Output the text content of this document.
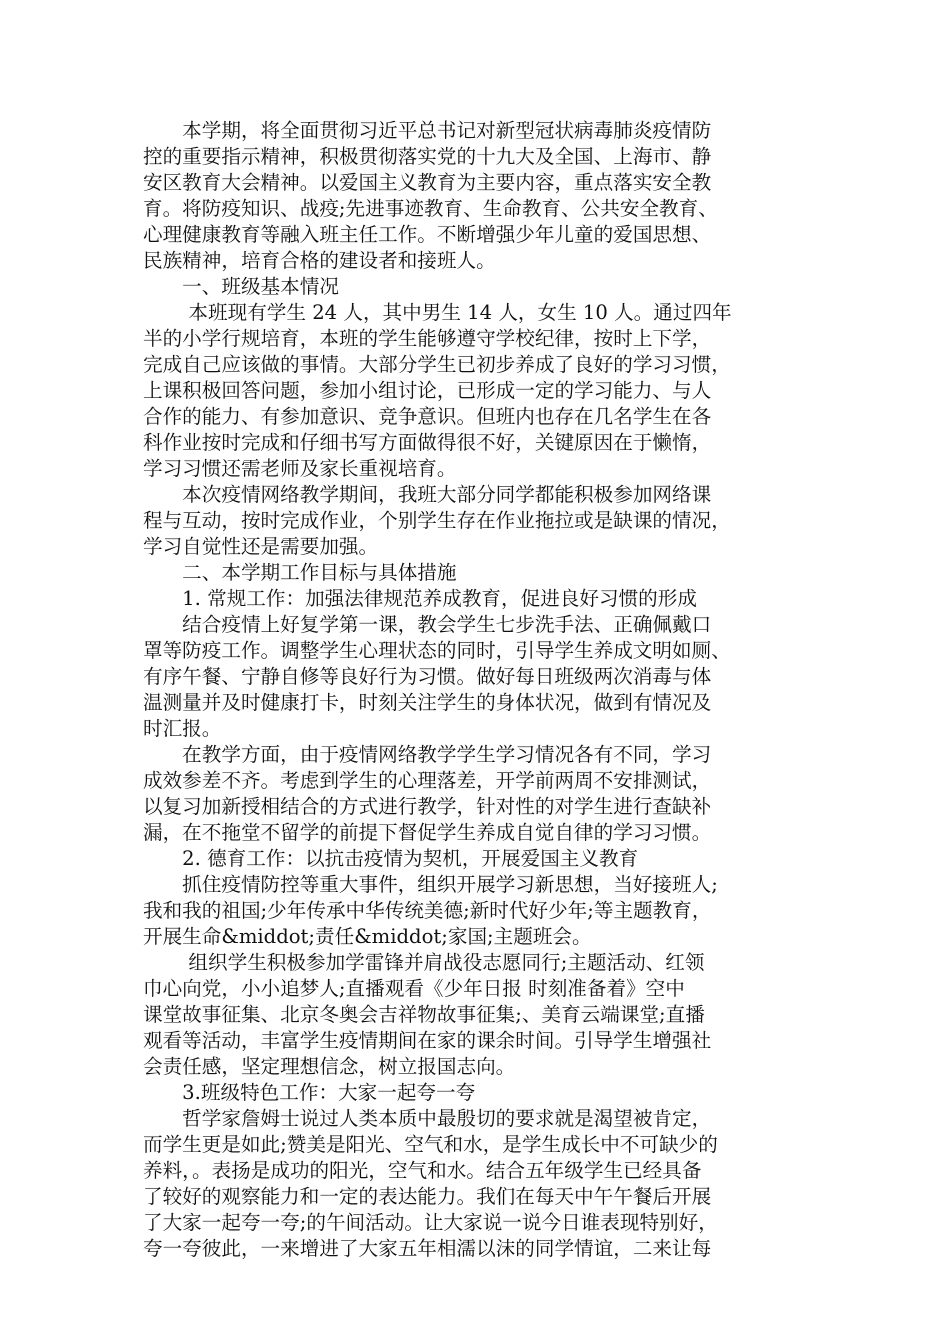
　　本学期，将全面贯彻习近平总书记对新型冠状病毒肺炎疫情防
控的重要指示精神，积极贯彻落实党的十九大及全国、上海市、静
安区教育大会精神。以爱国主义教育为主要内容，重点落实安全教
育。将防疫知识、战疫;先进事迹教育、生命教育、公共安全教育、
心理健康教育等融入班主任工作。不断增强少年儿童的爱国思想、
民族精神，培育合格的建设者和接班人。
　　一、班级基本情况
　　 本班现有学生 24 人，其中男生 14 人，女生 10 人。通过四年
半的小学行规培育，本班的学生能够遵守学校纪律，按时上下学，
完成自己应该做的事情。大部分学生已初步养成了良好的学习习惯，
上课积极回答问题，参加小组讨论，已形成一定的学习能力、与人
合作的能力、有参加意识、竞争意识。但班内也存在几名学生在各
科作业按时完成和仔细书写方面做得很不好，关键原因在于懒惰，
学习习惯还需老师及家长重视培育。
　　本次疫情网络教学期间，我班大部分同学都能积极参加网络课
程与互动，按时完成作业，个别学生存在作业拖拉或是缺课的情况，
学习自觉性还是需要加强。
　　二、本学期工作目标与具体措施
　　1. 常规工作：加强法律规范养成教育，促进良好习惯的形成
　　结合疫情上好复学第一课，教会学生七步洗手法、正确佩戴口
罩等防疫工作。调整学生心理状态的同时，引导学生养成文明如厕、
有序午餐、宁静自修等良好行为习惯。做好每日班级两次消毒与体
温测量并及时健康打卡，时刻关注学生的身体状况，做到有情况及
时汇报。
　　在教学方面，由于疫情网络教学学生学习情况各有不同，学习
成效参差不齐。考虑到学生的心理落差，开学前两周不安排测试，
以复习加新授相结合的方式进行教学，针对性的对学生进行查缺补
漏，在不拖堂不留学的前提下督促学生养成自觉自律的学习习惯。
　　2. 德育工作：以抗击疫情为契机，开展爱国主义教育
　　抓住疫情防控等重大事件，组织开展学习新思想，当好接班人;
我和我的祖国;少年传承中华传统美德;新时代好少年;等主题教育，
开展生命&middot;责任&middot;家国;主题班会。
　　 组织学生积极参加学雷锋并肩战役志愿同行;主题活动、红领
巾心向党，小小追梦人;直播观看《少年日报 时刻准备着》空中
课堂故事征集、北京冬奥会吉祥物故事征集;、美育云端课堂;直播
观看等活动，丰富学生疫情期间在家的课余时间。引导学生增强社
会责任感，坚定理想信念，树立报国志向。
　　3.班级特色工作：大家一起夸一夸
　　哲学家詹姆士说过人类本质中最殷切的要求就是渴望被肯定，
而学生更是如此;赞美是阳光、空气和水，是学生成长中不可缺少的
养料，。表扬是成功的阳光，空气和水。结合五年级学生已经具备
了较好的观察能力和一定的表达能力。我们在每天中午午餐后开展
了大家一起夸一夸;的午间活动。让大家说一说今日谁表现特别好，
夸一夸彼此，一来增进了大家五年相濡以沫的同学情谊，二来让每
